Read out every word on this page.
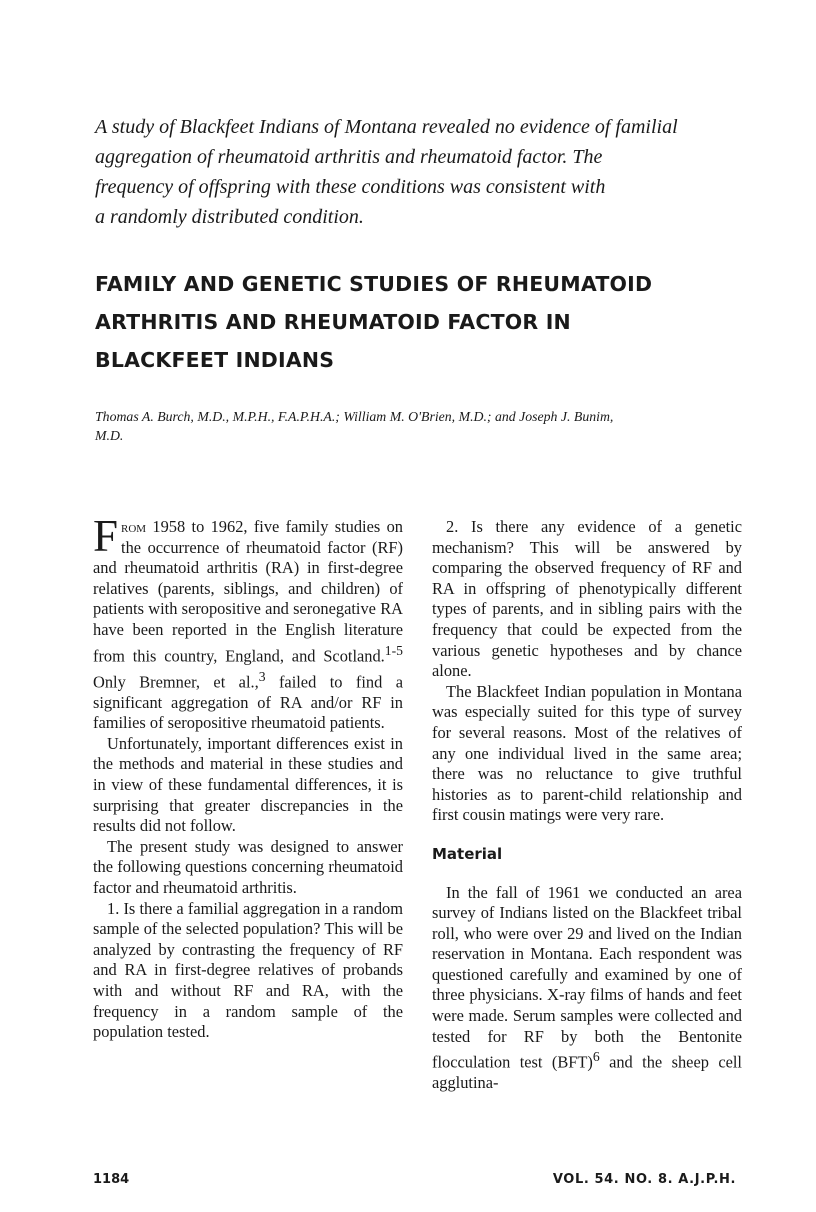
A study of Blackfeet Indians of Montana revealed no evidence of familial

aggregation of rheumatoid arthritis and rheumatoid factor. The

frequency of offspring with these conditions was consistent with

a randomly distributed condition.

FAMILY AND GENETIC STUDIES OF RHEUMATOID
ARTHRITIS AND RHEUMATOID FACTOR IN
BLACKFEET INDIANS
Thomas A. Burch, M.D., M.P.H., F.A.P.H.A.; William M. O'Brien, M.D.; and Joseph J. Bunim,
M.D.

From 1958 to 1962, five family studies on the occurrence of rheumatoid factor (RF) and rheumatoid arthritis (RA) in first-degree relatives (parents, siblings, and children) of patients with seropositive and seronegative RA have been reported in the English literature from this country, England, and Scotland.$^{1-5}$ Only Bremner, et al.,$^3$ failed to find a significant aggregation of RA and/or RF in families of seropositive rheumatoid patients.

Unfortunately, important differences exist in the methods and material in these studies and in view of these fundamental differences, it is surprising that greater discrepancies in the results did not follow.

The present study was designed to answer the following questions concerning rheumatoid factor and rheumatoid arthritis.

1. Is there a familial aggregation in a random sample of the selected population? This will be analyzed by contrasting the frequency of RF and RA in first-degree relatives of probands with and without RF and RA, with the frequency in a random sample of the population tested.

2. Is there any evidence of a genetic mechanism? This will be answered by comparing the observed frequency of RF and RA in offspring of phenotypically different types of parents, and in sibling pairs with the frequency that could be expected from the various genetic hypotheses and by chance alone.

The Blackfeet Indian population in Montana was especially suited for this type of survey for several reasons. Most of the relatives of any one individual lived in the same area; there was no reluctance to give truthful histories as to parent-child relationship and first cousin matings were very rare.

Material

In the fall of 1961 we conducted an area survey of Indians listed on the Blackfeet tribal roll, who were over 29 and lived on the Indian reservation in Montana. Each respondent was questioned carefully and examined by one of three physicians. X-ray films of hands and feet were made. Serum samples were collected and tested for RF by both the Bentonite flocculation test (BFT)$^6$ and the sheep cell agglutina-

1184	VOL. 54. NO. 8. A.J.P.H.
